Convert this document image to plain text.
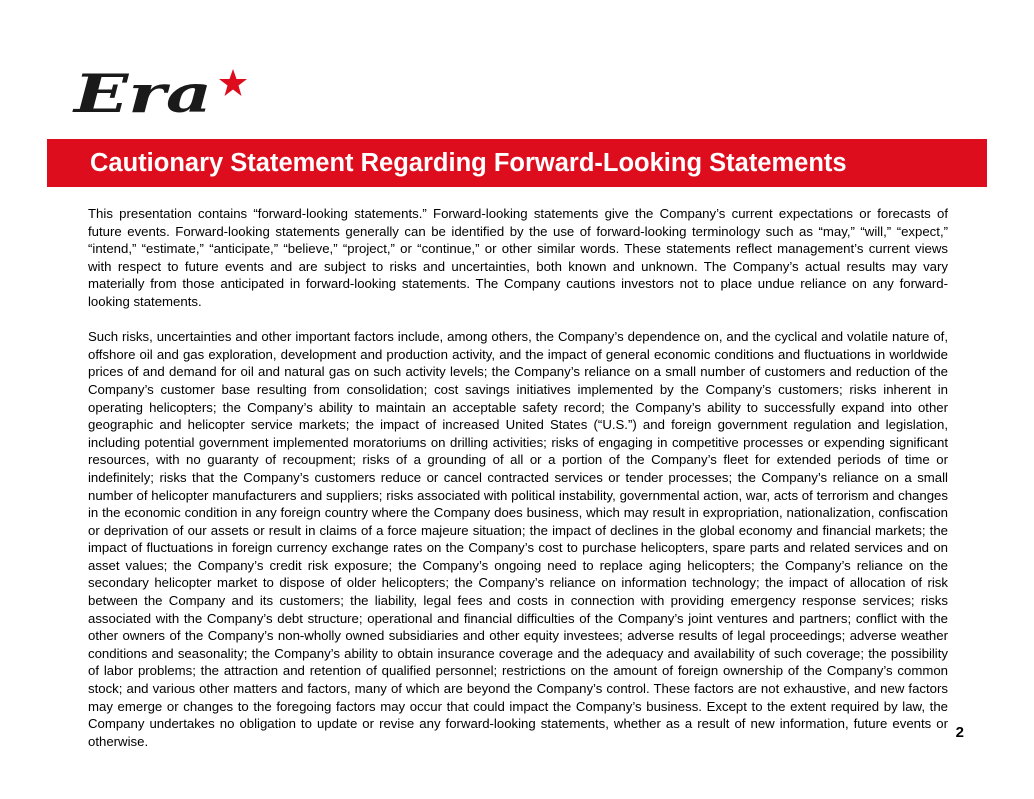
Era
Cautionary Statement Regarding Forward-Looking Statements

This presentation contains “forward-looking statements.” Forward-looking statements give the Company’s current expectations or forecasts of future events. Forward-looking statements generally can be identified by the use of forward-looking terminology such as “may,” “will,” “expect,” “intend,” “estimate,” “anticipate,” “believe,” “project,” or “continue,” or other similar words. These statements reflect management’s current views with respect to future events and are subject to risks and uncertainties, both known and unknown. The Company’s actual results may vary materially from those anticipated in forward-looking statements. The Company cautions investors not to place undue reliance on any forward-looking statements.

Such risks, uncertainties and other important factors include, among others, the Company’s dependence on, and the cyclical and volatile nature of, offshore oil and gas exploration, development and production activity, and the impact of general economic conditions and fluctuations in worldwide prices of and demand for oil and natural gas on such activity levels; the Company’s reliance on a small number of customers and reduction of the Company’s customer base resulting from consolidation; cost savings initiatives implemented by the Company’s customers; risks inherent in operating helicopters; the Company’s ability to maintain an acceptable safety record; the Company’s ability to successfully expand into other geographic and helicopter service markets; the impact of increased United States (“U.S.”) and foreign government regulation and legislation, including potential government implemented moratoriums on drilling activities; risks of engaging in competitive processes or expending significant resources, with no guaranty of recoupment; risks of a grounding of all or a portion of the Company’s fleet for extended periods of time or indefinitely; risks that the Company’s customers reduce or cancel contracted services or tender processes; the Company’s reliance on a small number of helicopter manufacturers and suppliers; risks associated with political instability, governmental action, war, acts of terrorism and changes in the economic condition in any foreign country where the Company does business, which may result in expropriation, nationalization, confiscation or deprivation of our assets or result in claims of a force majeure situation; the impact of declines in the global economy and financial markets; the impact of fluctuations in foreign currency exchange rates on the Company’s cost to purchase helicopters, spare parts and related services and on asset values; the Company’s credit risk exposure; the Company’s ongoing need to replace aging helicopters; the Company’s reliance on the secondary helicopter market to dispose of older helicopters; the Company’s reliance on information technology; the impact of allocation of risk between the Company and its customers; the liability, legal fees and costs in connection with providing emergency response services; risks associated with the Company’s debt structure; operational and financial difficulties of the Company’s joint ventures and partners; conflict with the other owners of the Company’s non-wholly owned subsidiaries and other equity investees; adverse results of legal proceedings; adverse weather conditions and seasonality; the Company’s ability to obtain insurance coverage and the adequacy and availability of such coverage; the possibility of labor problems; the attraction and retention of qualified personnel; restrictions on the amount of foreign ownership of the Company’s common stock; and various other matters and factors, many of which are beyond the Company’s control. These factors are not exhaustive, and new factors may emerge or changes to the foregoing factors may occur that could impact the Company’s business. Except to the extent required by law, the Company undertakes no obligation to update or revise any forward-looking statements, whether as a result of new information, future events or otherwise.

2
